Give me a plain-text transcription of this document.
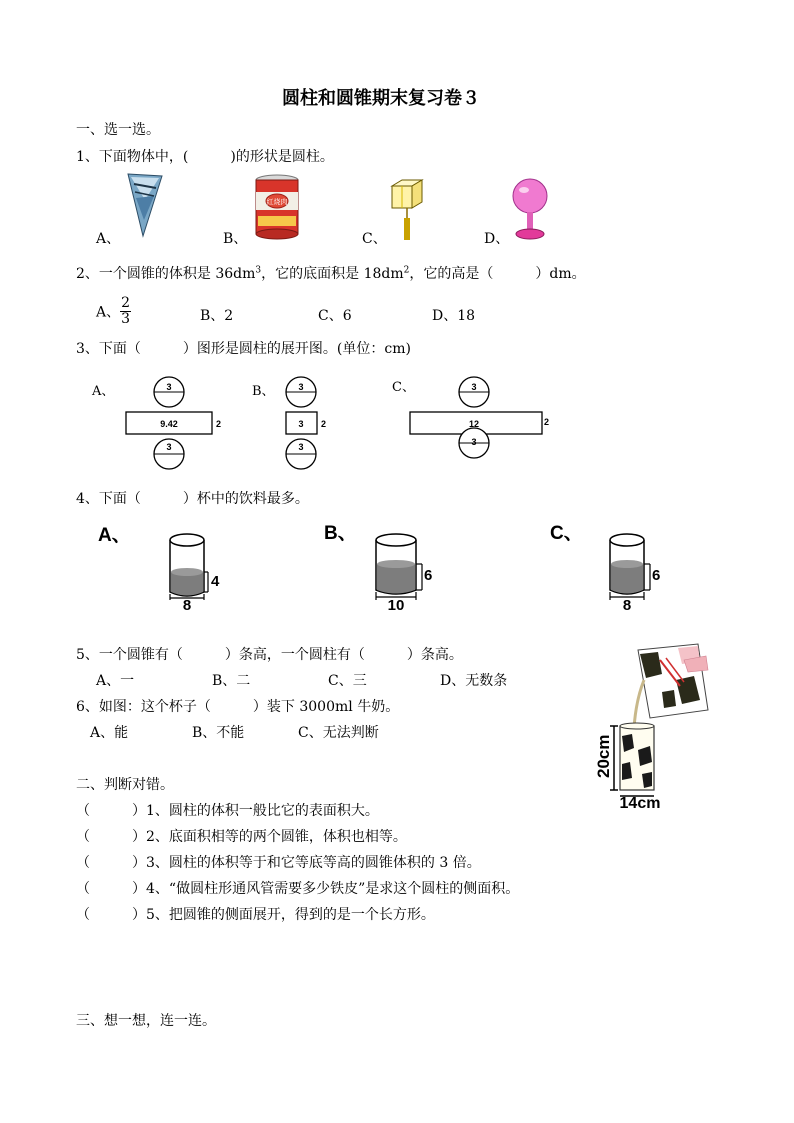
圆柱和圆锥期末复习卷３
一、选一选。
1、下面物体中，(　　　)的形状是圆柱。
A、	B、
红烧肉
C、	D、
2、一个圆锥的体积是 $36dm^3$，它的底面积是 $18dm^2$，它的高是（　　　）dm。
A、 $\frac{2}{3}$	B、2	C、6	D、18
3、下面（　　　）图形是圆柱的展开图。(单位：cm)
A、	3
9.42
3
2
B、	3
3
3
2
C、	3
12
3
2
4、下面（　　　）杯中的饮料最多。
A、
4
8
B、
6
10
C、
6
8
5、一个圆锥有（　　　）条高，一个圆柱有（　　　）条高。
A、一	B、二	C、三	D、无数条
6、如图：这个杯子（　　　）装下 3000ml 牛奶。
A、能	B、不能	C、无法判断
20cm
14cm
二、判断对错。
（　　　）1、圆柱的体积一般比它的表面积大。
（　　　）2、底面积相等的两个圆锥，体积也相等。
（　　　）3、圆柱的体积等于和它等底等高的圆锥体积的 3 倍。
（　　　）4、“做圆柱形通风管需要多少铁皮”是求这个圆柱的侧面积。
（　　　）5、把圆锥的侧面展开，得到的是一个长方形。
三、想一想，连一连。
